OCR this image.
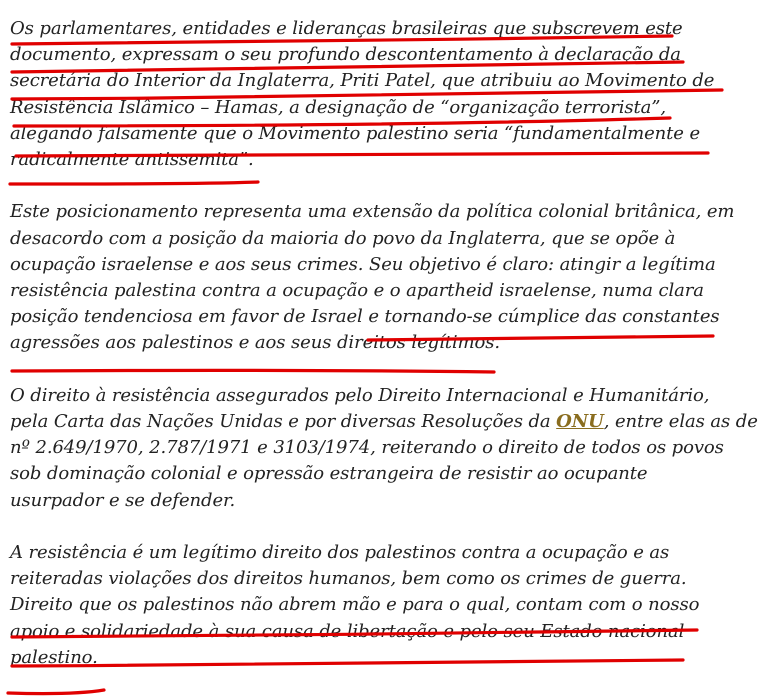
Os parlamentares, entidades e lideranças brasileiras que subscrevem este
documento, expressam o seu profundo descontentamento à declaração da
secretária do Interior da Inglaterra, Priti Patel, que atribuiu ao Movimento de
Resistência Islâmico – Hamas, a designação de “organização terrorista”,
alegando falsamente que o Movimento palestino seria “fundamentalmente e
radicalmente antissemita”.

Este posicionamento representa uma extensão da política colonial britânica, em
desacordo com a posição da maioria do povo da Inglaterra, que se opõe à
ocupação israelense e aos seus crimes. Seu objetivo é claro: atingir a legítima
resistência palestina contra a ocupação e o apartheid israelense, numa clara
posição tendenciosa em favor de Israel e tornando-se cúmplice das constantes
agressões aos palestinos e aos seus direitos legítimos.

O direito à resistência assegurados pelo Direito Internacional e Humanitário,
pela Carta das Nações Unidas e por diversas Resoluções da ONU, entre elas as de
nº 2.649/1970, 2.787/1971 e 3103/1974, reiterando o direito de todos os povos
sob dominação colonial e opressão estrangeira de resistir ao ocupante
usurpador e se defender.

A resistência é um legítimo direito dos palestinos contra a ocupação e as
reiteradas violações dos direitos humanos, bem como os crimes de guerra.
Direito que os palestinos não abrem mão e para o qual, contam com o nosso
apoio e solidariedade à sua causa de libertação e pelo seu Estado nacional
palestino.
